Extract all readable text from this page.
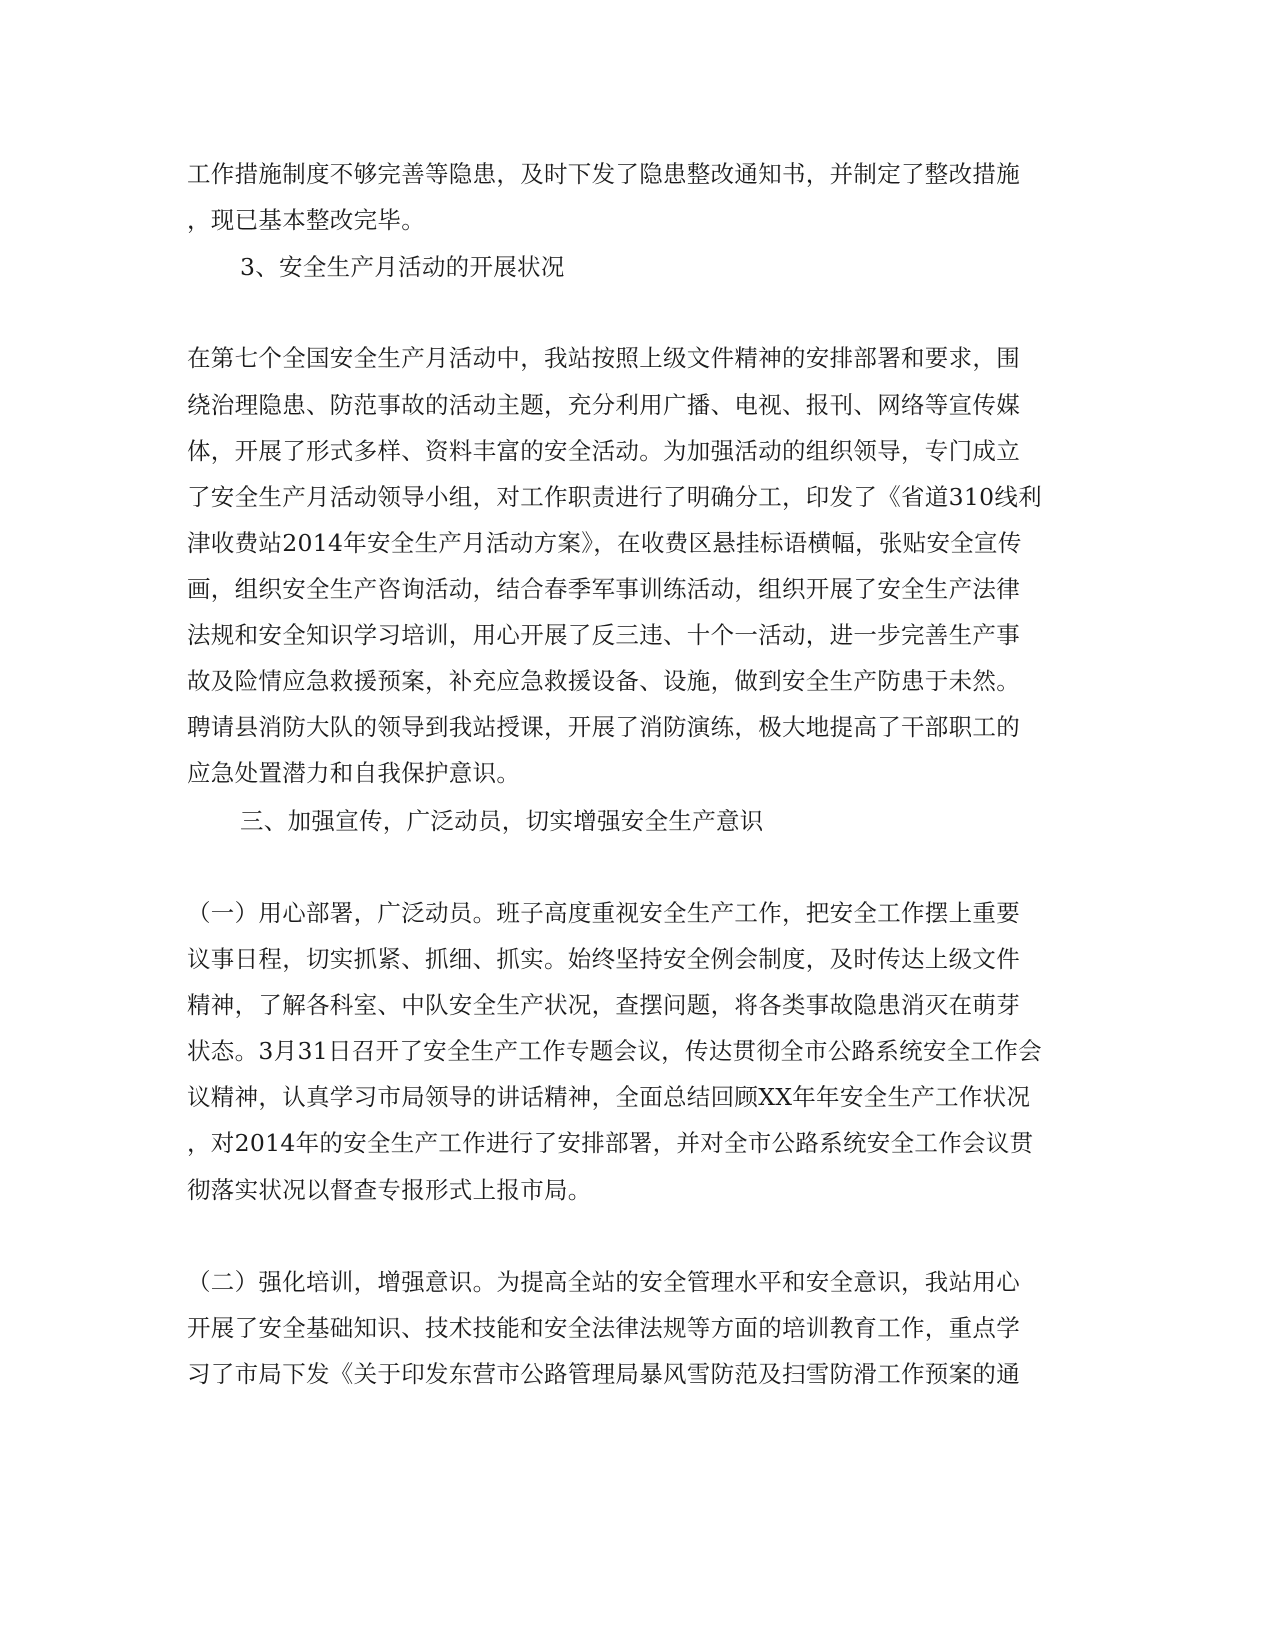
工作措施制度不够完善等隐患，及时下发了隐患整改通知书，并制定了整改措施
，现已基本整改完毕。
3、安全生产月活动的开展状况
在第七个全国安全生产月活动中，我站按照上级文件精神的安排部署和要求，围
绕治理隐患、防范事故的活动主题，充分利用广播、电视、报刊、网络等宣传媒
体，开展了形式多样、资料丰富的安全活动。为加强活动的组织领导，专门成立
了安全生产月活动领导小组，对工作职责进行了明确分工，印发了《省道310线利
津收费站2014年安全生产月活动方案》，在收费区悬挂标语横幅，张贴安全宣传
画，组织安全生产咨询活动，结合春季军事训练活动，组织开展了安全生产法律
法规和安全知识学习培训，用心开展了反三违、十个一活动，进一步完善生产事
故及险情应急救援预案，补充应急救援设备、设施，做到安全生产防患于未然。
聘请县消防大队的领导到我站授课，开展了消防演练，极大地提高了干部职工的
应急处置潜力和自我保护意识。
三、加强宣传，广泛动员，切实增强安全生产意识
（一）用心部署，广泛动员。班子高度重视安全生产工作，把安全工作摆上重要
议事日程，切实抓紧、抓细、抓实。始终坚持安全例会制度，及时传达上级文件
精神，了解各科室、中队安全生产状况，查摆问题，将各类事故隐患消灭在萌芽
状态。3月31日召开了安全生产工作专题会议，传达贯彻全市公路系统安全工作会
议精神，认真学习市局领导的讲话精神，全面总结回顾XX年年安全生产工作状况
，对2014年的安全生产工作进行了安排部署，并对全市公路系统安全工作会议贯
彻落实状况以督查专报形式上报市局。
（二）强化培训，增强意识。为提高全站的安全管理水平和安全意识，我站用心
开展了安全基础知识、技术技能和安全法律法规等方面的培训教育工作，重点学
习了市局下发《关于印发东营市公路管理局暴风雪防范及扫雪防滑工作预案的通
